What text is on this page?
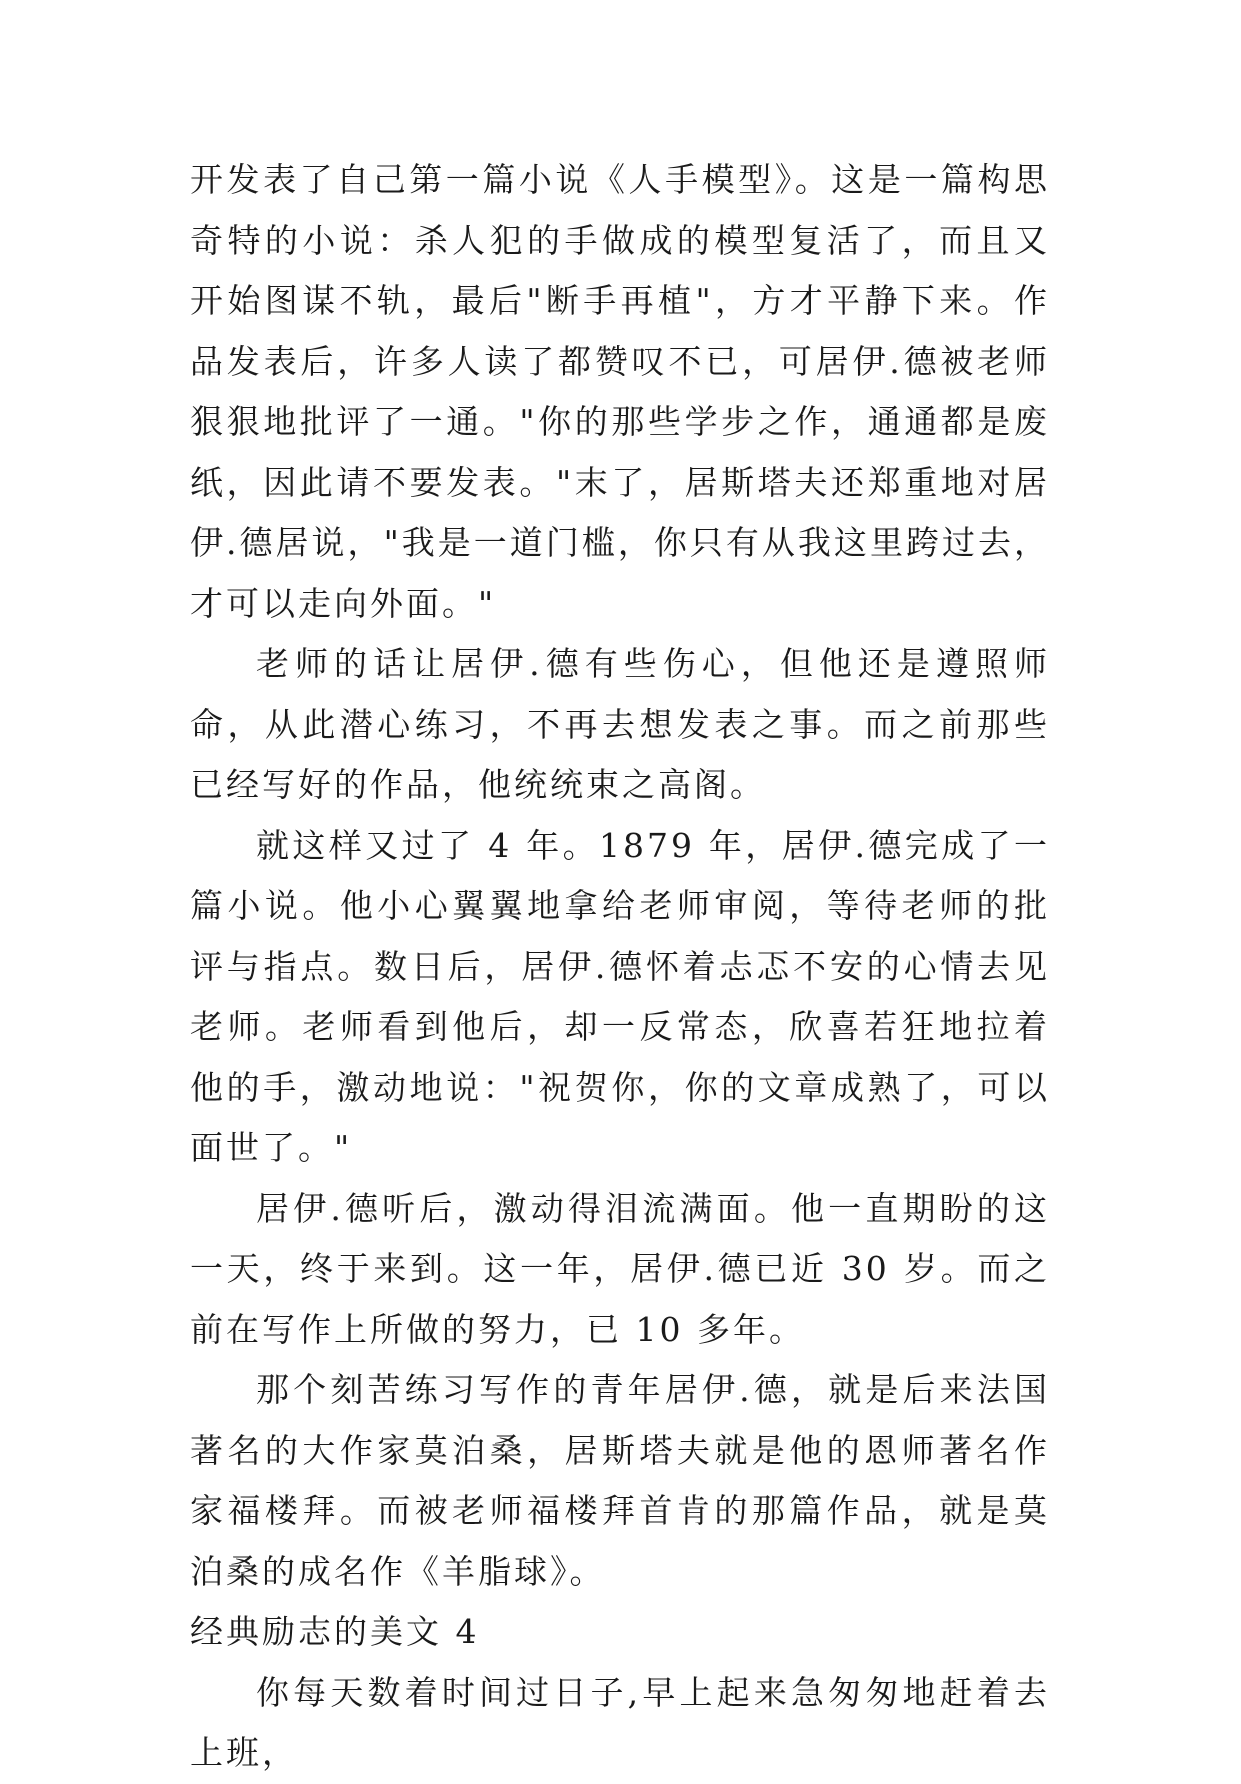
开发表了自己第一篇小说《人手模型》。这是一篇构思奇特的小说：杀人犯的手做成的模型复活了，而且又开始图谋不轨，最后"断手再植"，方才平静下来。作品发表后，许多人读了都赞叹不已，可居伊.德被老师狠狠地批评了一通。"你的那些学步之作，通通都是废纸，因此请不要发表。"末了，居斯塔夫还郑重地对居伊.德居说，"我是一道门槛，你只有从我这里跨过去，才可以走向外面。"

老师的话让居伊.德有些伤心，但他还是遵照师命，从此潜心练习，不再去想发表之事。而之前那些已经写好的作品，他统统束之高阁。

就这样又过了 4 年。1879 年，居伊.德完成了一篇小说。他小心翼翼地拿给老师审阅，等待老师的批评与指点。数日后，居伊.德怀着忐忑不安的心情去见老师。老师看到他后，却一反常态，欣喜若狂地拉着他的手，激动地说："祝贺你，你的文章成熟了，可以面世了。"

居伊.德听后，激动得泪流满面。他一直期盼的这一天，终于来到。这一年，居伊.德已近 30 岁。而之前在写作上所做的努力，已 10 多年。

那个刻苦练习写作的青年居伊.德，就是后来法国著名的大作家莫泊桑，居斯塔夫就是他的恩师著名作家福楼拜。而被老师福楼拜首肯的那篇作品，就是莫泊桑的成名作《羊脂球》。

经典励志的美文 4

你每天数着时间过日子,早上起来急匆匆地赶着去上班，
